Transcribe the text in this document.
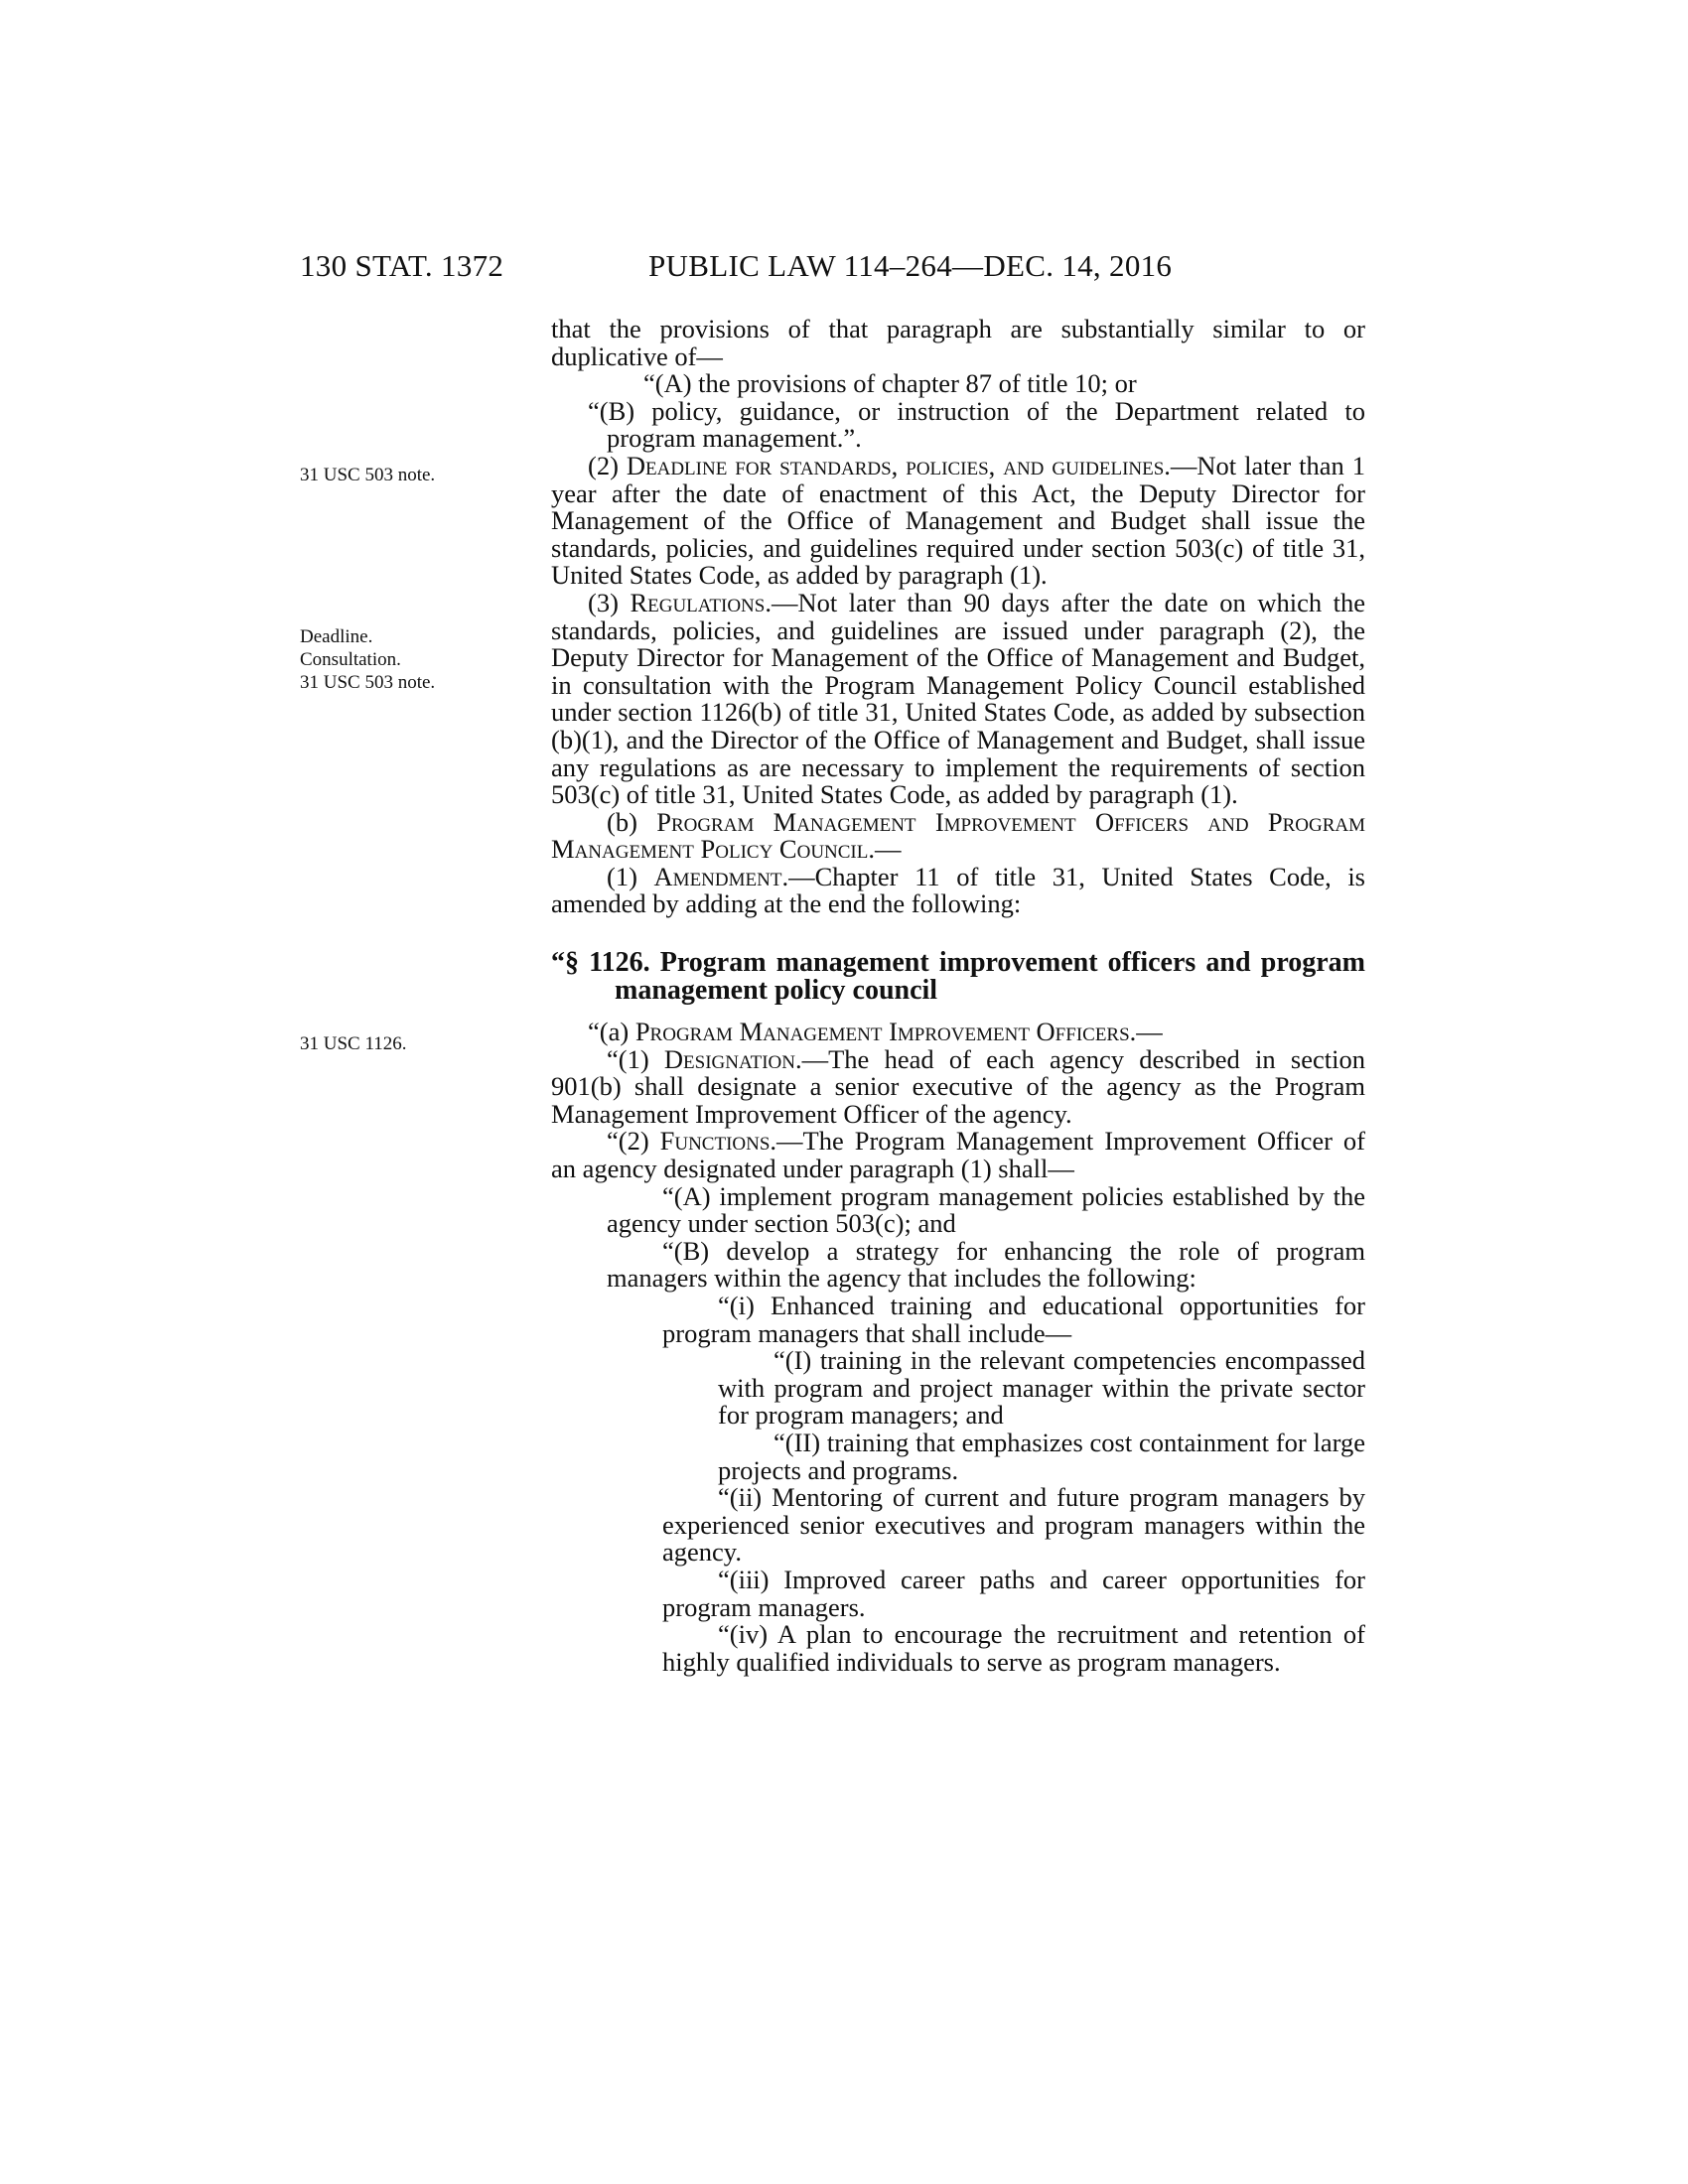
130 STAT. 1372	PUBLIC LAW 114–264—DEC. 14, 2016
31 USC 503 note.
Deadline.
Consultation.
31 USC 503 note.
31 USC 1126.

that the provisions of that paragraph are substantially similar to or duplicative of—

“(A) the provisions of chapter 87 of title 10; or

“(B) policy, guidance, or instruction of the Department related to program management.”.

(2) Deadline for standards, policies, and guidelines.—Not later than 1 year after the date of enactment of this Act, the Deputy Director for Management of the Office of Management and Budget shall issue the standards, policies, and guidelines required under section 503(c) of title 31, United States Code, as added by paragraph (1).

(3) Regulations.—Not later than 90 days after the date on which the standards, policies, and guidelines are issued under paragraph (2), the Deputy Director for Management of the Office of Management and Budget, in consultation with the Program Management Policy Council established under section 1126(b) of title 31, United States Code, as added by subsection (b)(1), and the Director of the Office of Management and Budget, shall issue any regulations as are necessary to implement the requirements of section 503(c) of title 31, United States Code, as added by paragraph (1).

(b) Program Management Improvement Officers and Program Management Policy Council.—

(1) Amendment.—Chapter 11 of title 31, United States Code, is amended by adding at the end the following:

“§ 1126. Program management improvement officers and program management policy council

“(a) Program Management Improvement Officers.—

“(1) Designation.—The head of each agency described in section 901(b) shall designate a senior executive of the agency as the Program Management Improvement Officer of the agency.

“(2) Functions.—The Program Management Improvement Officer of an agency designated under paragraph (1) shall—

“(A) implement program management policies established by the agency under section 503(c); and

“(B) develop a strategy for enhancing the role of program managers within the agency that includes the following:

“(i) Enhanced training and educational opportunities for program managers that shall include—

“(I) training in the relevant competencies encompassed with program and project manager within the private sector for program managers; and

“(II) training that emphasizes cost containment for large projects and programs.

“(ii) Mentoring of current and future program managers by experienced senior executives and program managers within the agency.

“(iii) Improved career paths and career opportunities for program managers.

“(iv) A plan to encourage the recruitment and retention of highly qualified individuals to serve as program managers.
